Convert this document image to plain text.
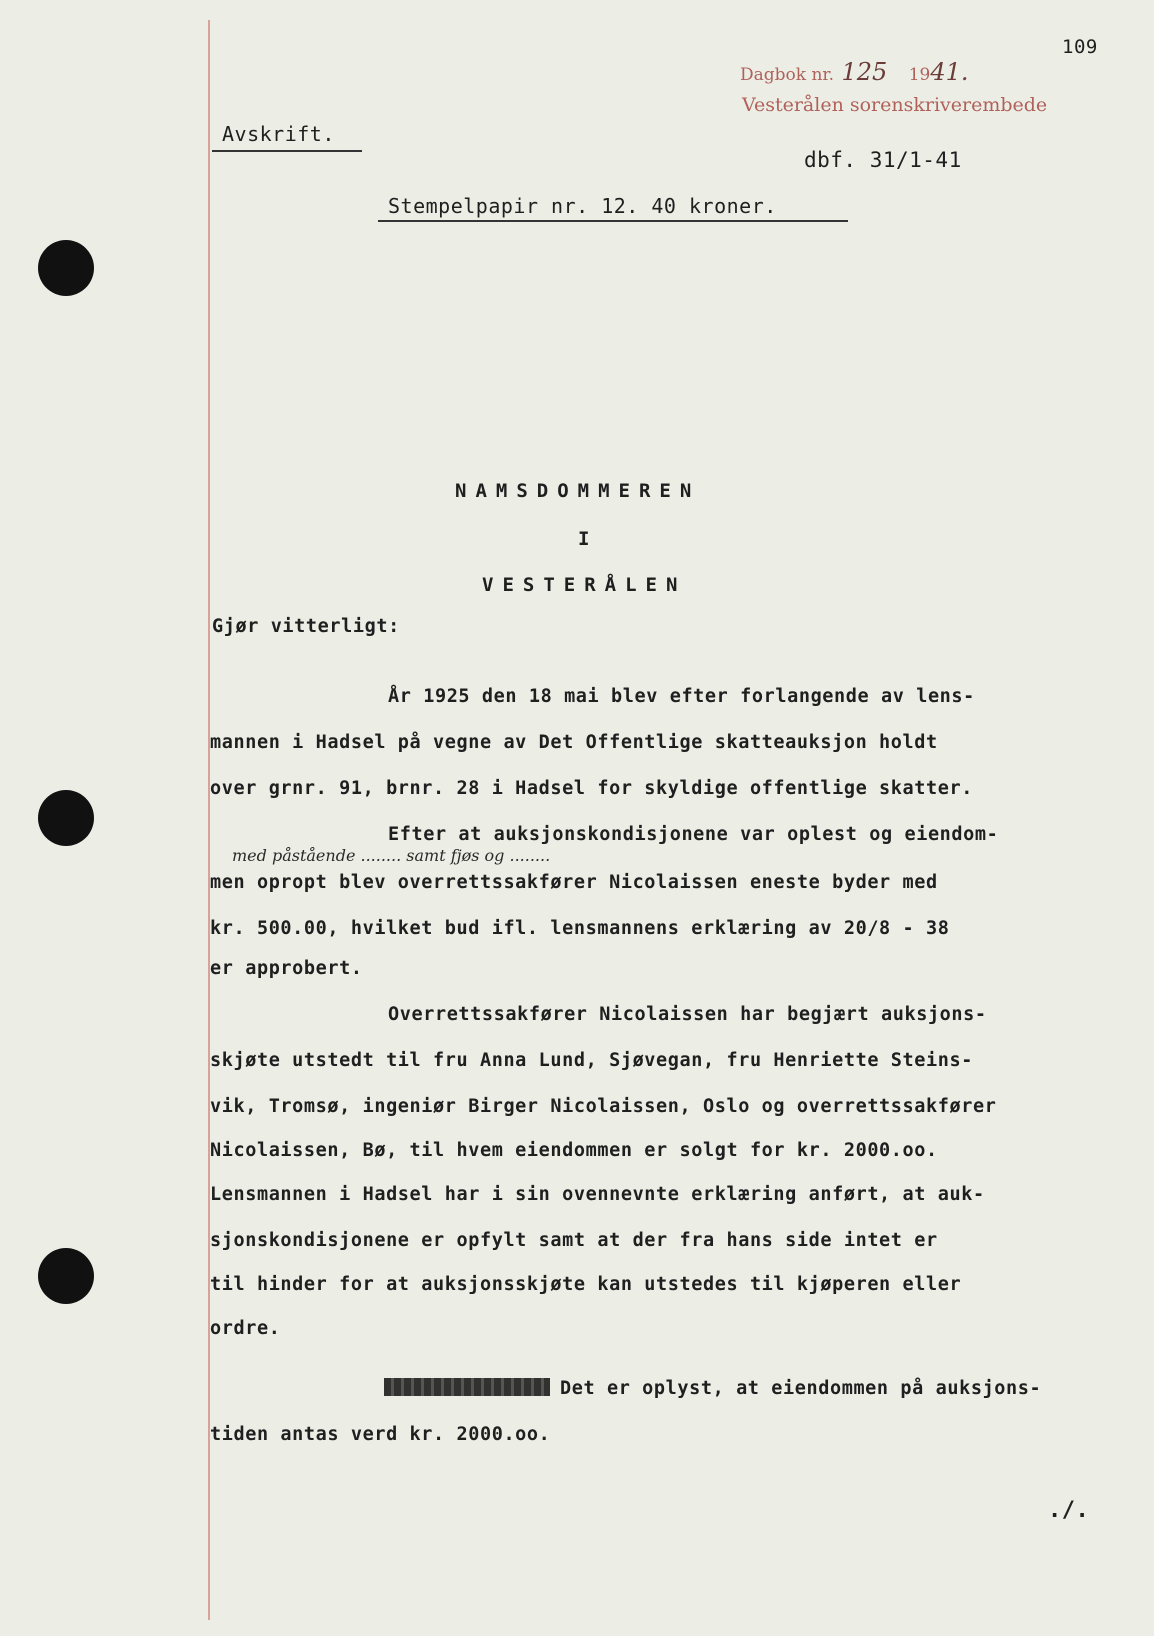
109
Dagbok nr. 125 1941.
Vesterålen sorenskriverembede
Avskrift.
dbf. 31/1-41
Stempelpapir nr. 12. 40 kroner.
NAMSDOMMEREN
I
VESTERÅLEN
Gjør vitterligt:
År 1925 den 18 mai blev efter forlangende av lens-
mannen i Hadsel på vegne av Det Offentlige skatteauksjon holdt
over grnr. 91, brnr. 28 i Hadsel for skyldige offentlige skatter.
Efter at auksjonskondisjonene var oplest og eiendom-
med påstående ........ samt fjøs og ........
men opropt blev overrettssakfører Nicolaissen eneste byder med
kr. 500.00, hvilket bud ifl. lensmannens erklæring av 20/8 - 38
er approbert.
Overrettssakfører Nicolaissen har begjært auksjons-
skjøte utstedt til fru Anna Lund, Sjøvegan, fru Henriette Steins-
vik, Tromsø, ingeniør Birger Nicolaissen, Oslo og overrettssakfører
Nicolaissen, Bø, til hvem eiendommen er solgt for kr. 2000.oo.
Lensmannen i Hadsel har i sin ovennevnte erklæring anført, at auk-
sjonskondisjonene er opfylt samt at der fra hans side intet er
til hinder for at auksjonsskjøte kan utstedes til kjøperen eller
ordre.
Det er oplyst, at eiendommen på auksjons-
tiden antas verd kr. 2000.oo.
./.
